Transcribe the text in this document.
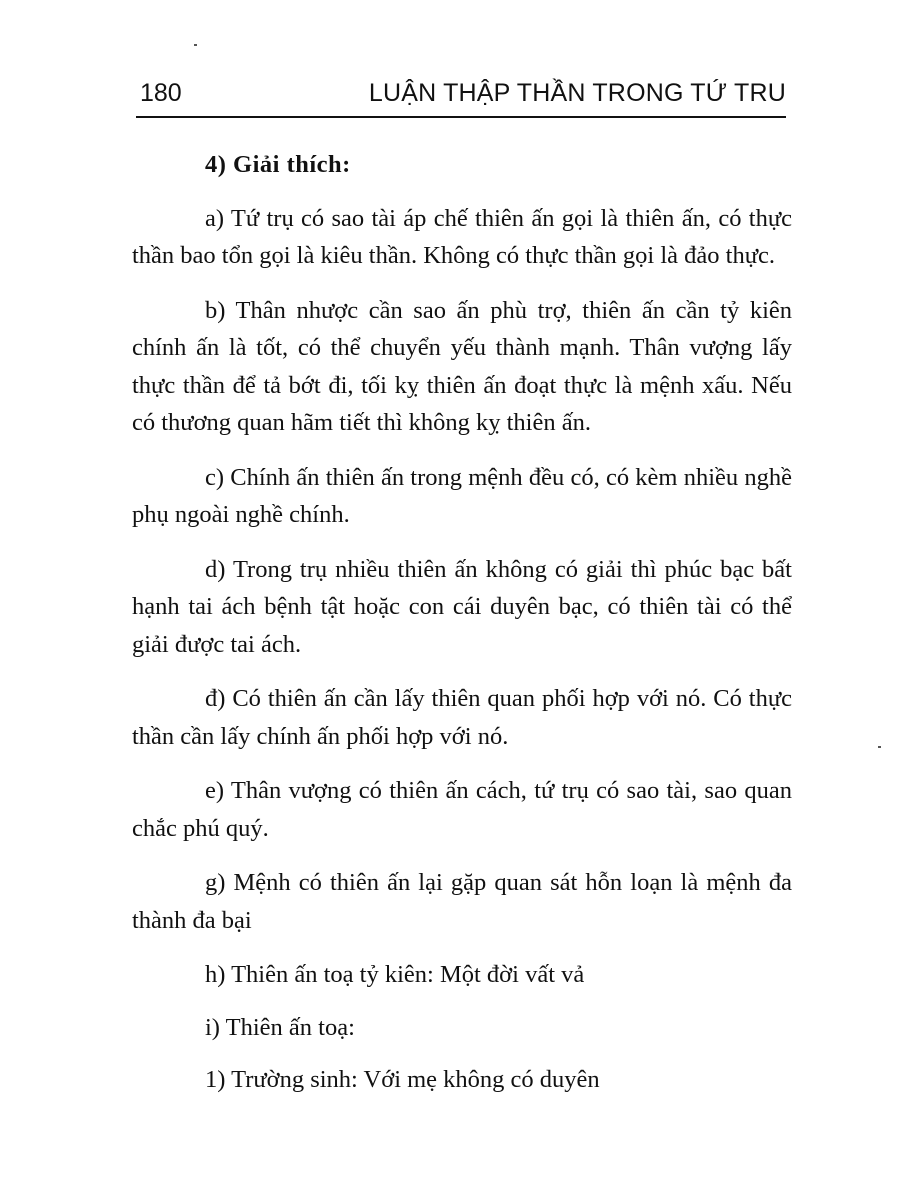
180	LUẬN THẬP THẦN TRONG TỨ TRU
4) Giải thích:

a) Tứ trụ có sao tài áp chế thiên ấn gọi là thiên ấn, có thực thần bao tổn gọi là kiêu thần. Không có thực thần gọi là đảo thực.

b) Thân nhược cần sao ấn phù trợ, thiên ấn cần tỷ kiên chính ấn là tốt, có thể chuyển yếu thành mạnh. Thân vượng lấy thực thần để tả bớt đi, tối kỵ thiên ấn đoạt thực là mệnh xấu. Nếu có thương quan hãm tiết thì không kỵ thiên ấn.

c) Chính ấn thiên ấn trong mệnh đều có, có kèm nhiều nghề phụ ngoài nghề chính.

d) Trong trụ nhiều thiên ấn không có giải thì phúc bạc bất hạnh tai ách bệnh tật hoặc con cái duyên bạc, có thiên tài có thể giải được tai ách.

đ) Có thiên ấn cần lấy thiên quan phối hợp với nó. Có thực thần cần lấy chính ấn phối hợp với nó.

e) Thân vượng có thiên ấn cách, tứ trụ có sao tài, sao quan chắc phú quý.

g) Mệnh có thiên ấn lại gặp quan sát hỗn loạn là mệnh đa thành đa bại

h) Thiên ấn toạ tỷ kiên: Một đời vất vả
i) Thiên ấn toạ:
1) Trường sinh: Với mẹ không có duyên
